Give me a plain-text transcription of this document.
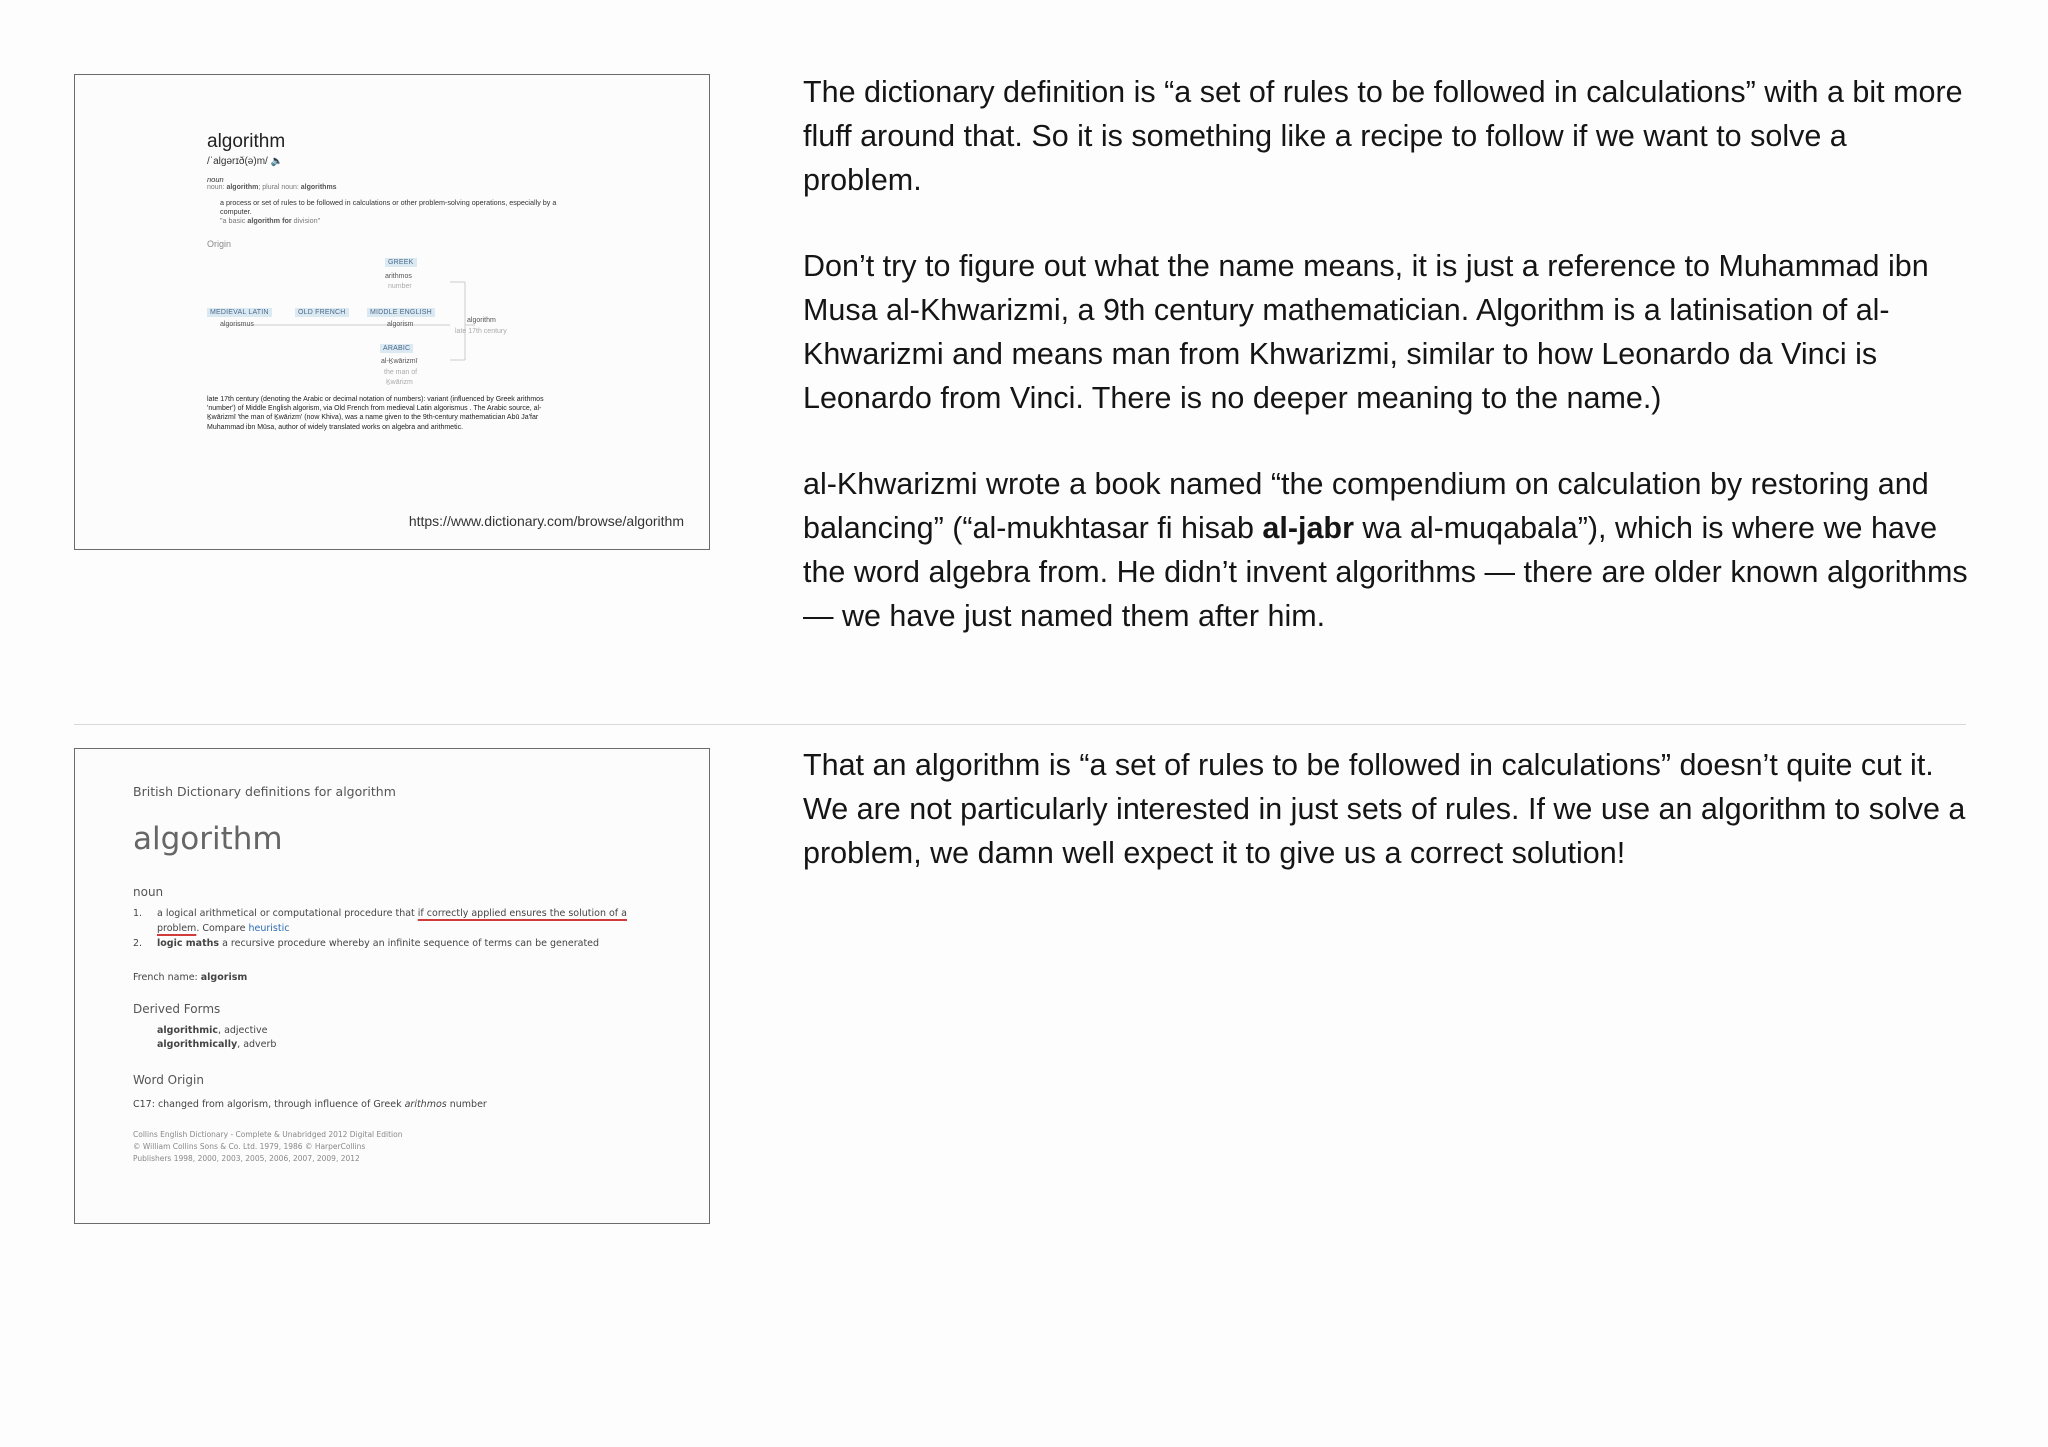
algorithm
/ˈalɡərɪð(ə)m/ 🔈
noun
noun: algorithm; plural noun: algorithms
a process or set of rules to be followed in calculations or other problem-solving operations, especially by a computer.
"a basic algorithm for division"
Origin
GREEK
arithmos
number
MEDIEVAL LATIN
algorismus
OLD FRENCH	MIDDLE ENGLISH
algorism
algorithm
late 17th century
ARABIC
al-Ḵwārizmī
the man of
Ḵwārizm
late 17th century (denoting the Arabic or decimal notation of numbers): variant (influenced by Greek arithmos 'number') of Middle English algorism, via Old French from medieval Latin algorismus . The Arabic source, al-Ḵwārizmī 'the man of Ḵwārizm' (now Khiva), was a name given to the 9th-century mathematician Abū Ja'far Muhammad ibn Mūsa, author of widely translated works on algebra and arithmetic.
https://www.dictionary.com/browse/algorithm

The dictionary definition is “a set of rules to be followed in calculations” with a bit more fluff around that. So it is something like a recipe to follow if we want to solve a problem.

Don’t try to figure out what the name means, it is just a reference to Muhammad ibn Musa al-Khwarizmi, a 9th century mathematician. Algorithm is a latinisation of al-Khwarizmi and means man from Khwarizmi, similar to how Leonardo da Vinci is Leonardo from Vinci. There is no deeper meaning to the name.)

al-Khwarizmi wrote a book named “the compendium on calculation by restoring and balancing” (“al-mukhtasar fi hisab al-jabr wa al-muqabala”), which is where we have the word algebra from. He didn’t invent algorithms — there are older known algorithms — we have just named them after him.

British Dictionary definitions for algorithm
algorithm
noun
1.	a logical arithmetical or computational procedure that if correctly applied ensures the solution of a problem. Compare heuristic
2.	logic maths a recursive procedure whereby an infinite sequence of terms can be generated
French name: algorism
Derived Forms
algorithmic, adjective
algorithmically, adverb
Word Origin
C17: changed from algorism, through influence of Greek arithmos number
Collins English Dictionary - Complete & Unabridged 2012 Digital Edition
© William Collins Sons & Co. Ltd. 1979, 1986 © HarperCollins
Publishers 1998, 2000, 2003, 2005, 2006, 2007, 2009, 2012

That an algorithm is “a set of rules to be followed in calculations” doesn’t quite cut it. We are not particularly interested in just sets of rules. If we use an algorithm to solve a problem, we damn well expect it to give us a correct solution!
